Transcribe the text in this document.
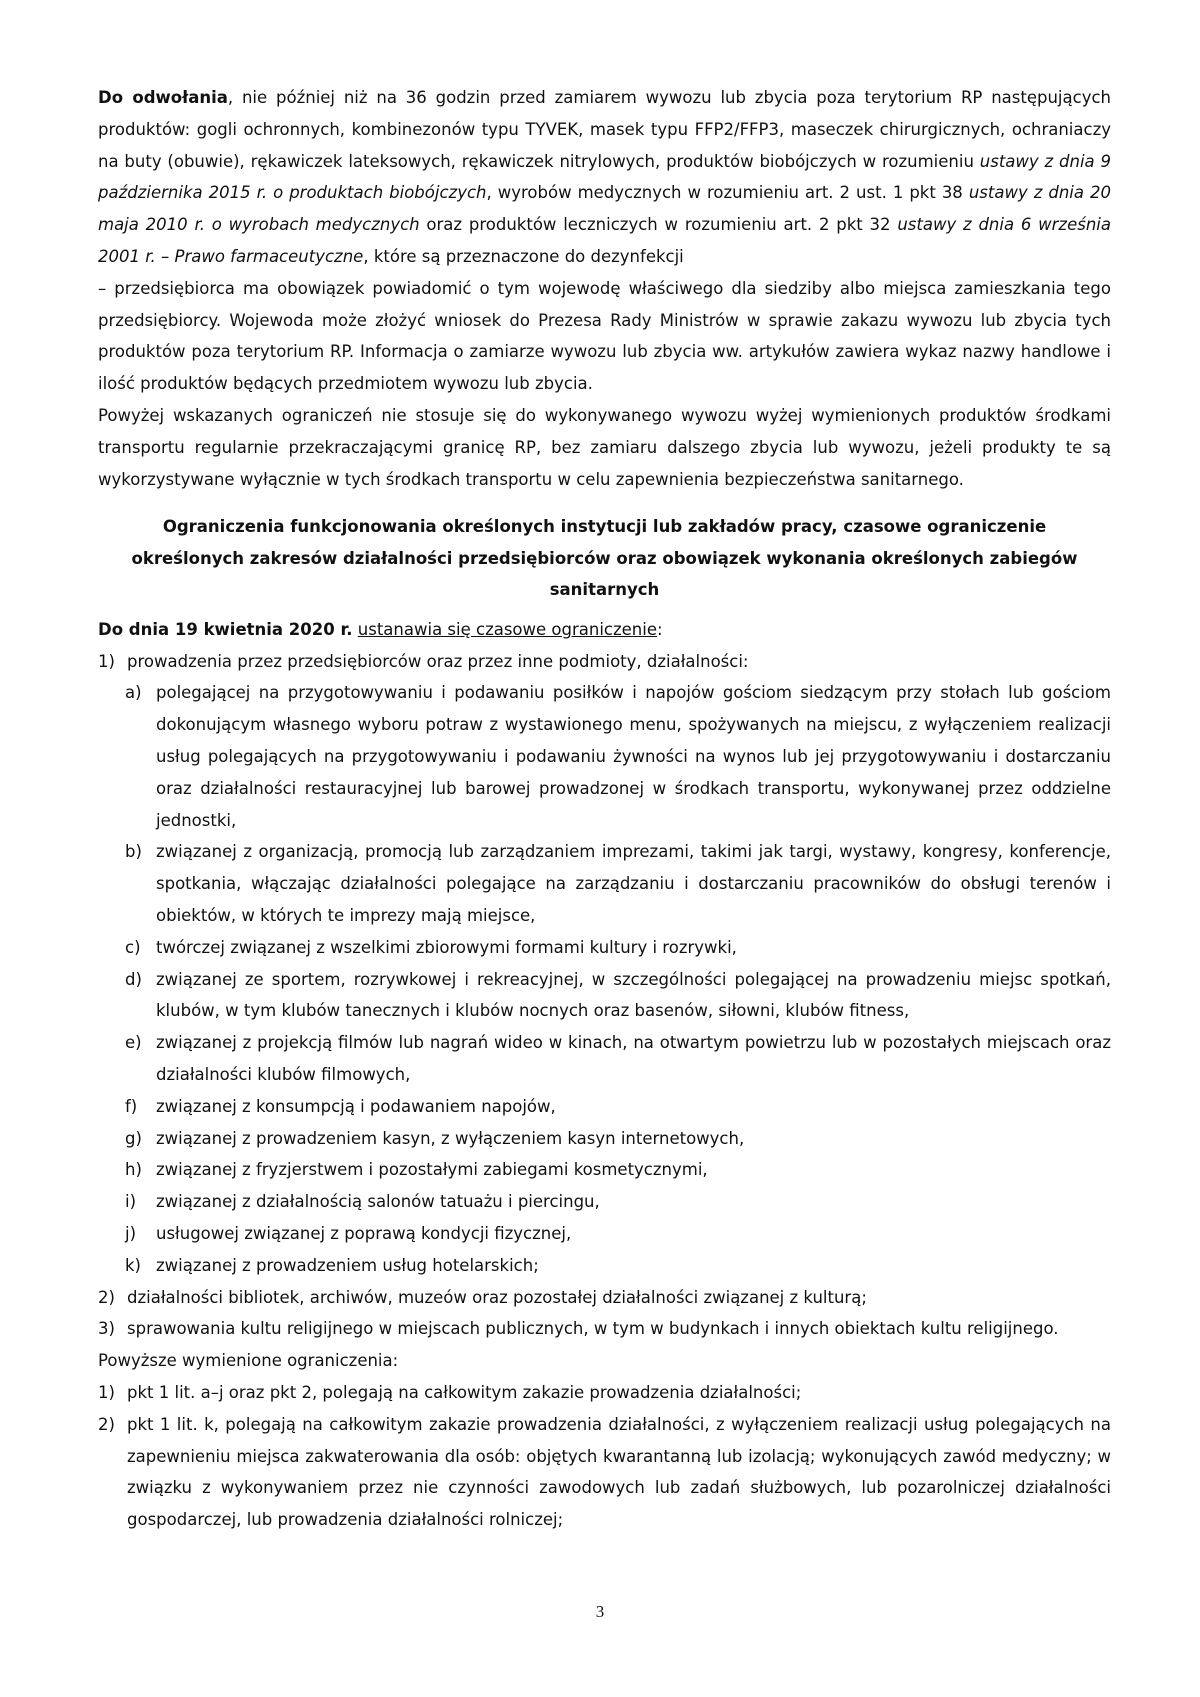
Do odwołania, nie później niż na 36 godzin przed zamiarem wywozu lub zbycia poza terytorium RP następujących produktów: gogli ochronnych, kombinezonów typu TYVEK, masek typu FFP2/FFP3, maseczek chirurgicznych, ochraniaczy na buty (obuwie), rękawiczek lateksowych, rękawiczek nitrylowych, produktów biobójczych w rozumieniu ustawy z dnia 9 października 2015 r. o produktach biobójczych, wyrobów medycznych w rozumieniu art. 2 ust. 1 pkt 38 ustawy z dnia 20 maja 2010 r. o wyrobach medycznych oraz produktów leczniczych w rozumieniu art. 2 pkt 32 ustawy z dnia 6 września 2001 r. – Prawo farmaceutyczne, które są przeznaczone do dezynfekcji

– przedsiębiorca ma obowiązek powiadomić o tym wojewodę właściwego dla siedziby albo miejsca zamieszkania tego przedsiębiorcy. Wojewoda może złożyć wniosek do Prezesa Rady Ministrów w sprawie zakazu wywozu lub zbycia tych produktów poza terytorium RP. Informacja o zamiarze wywozu lub zbycia ww. artykułów zawiera wykaz nazwy handlowe i ilość produktów będących przedmiotem wywozu lub zbycia.

Powyżej wskazanych ograniczeń nie stosuje się do wykonywanego wywozu wyżej wymienionych produktów środkami transportu regularnie przekraczającymi granicę RP, bez zamiaru dalszego zbycia lub wywozu, jeżeli produkty te są wykorzystywane wyłącznie w tych środkach transportu w celu zapewnienia bezpieczeństwa sanitarnego.

Ograniczenia funkcjonowania określonych instytucji lub zakładów pracy, czasowe ograniczenie określonych zakresów działalności przedsiębiorców oraz obowiązek wykonania określonych zabiegów sanitarnych

Do dnia 19 kwietnia 2020 r. ustanawia się czasowe ograniczenie:

1) prowadzenia przez przedsiębiorców oraz przez inne podmioty, działalności:
a) polegającej na przygotowywaniu i podawaniu posiłków i napojów gościom siedzącym przy stołach lub gościom dokonującym własnego wyboru potraw z wystawionego menu, spożywanych na miejscu, z wyłączeniem realizacji usług polegających na przygotowywaniu i podawaniu żywności na wynos lub jej przygotowywaniu i dostarczaniu oraz działalności restauracyjnej lub barowej prowadzonej w środkach transportu, wykonywanej przez oddzielne jednostki,
b) związanej z organizacją, promocją lub zarządzaniem imprezami, takimi jak targi, wystawy, kongresy, konferencje, spotkania, włączając działalności polegające na zarządzaniu i dostarczaniu pracowników do obsługi terenów i obiektów, w których te imprezy mają miejsce,
c) twórczej związanej z wszelkimi zbiorowymi formami kultury i rozrywki,
d) związanej ze sportem, rozrywkowej i rekreacyjnej, w szczególności polegającej na prowadzeniu miejsc spotkań, klubów, w tym klubów tanecznych i klubów nocnych oraz basenów, siłowni, klubów fitness,
e) związanej z projekcją filmów lub nagrań wideo w kinach, na otwartym powietrzu lub w pozostałych miejscach oraz działalności klubów filmowych,
f) związanej z konsumpcją i podawaniem napojów,
g) związanej z prowadzeniem kasyn, z wyłączeniem kasyn internetowych,
h) związanej z fryzjerstwem i pozostałymi zabiegami kosmetycznymi,
i) związanej z działalnością salonów tatuażu i piercingu,
j) usługowej związanej z poprawą kondycji fizycznej,
k) związanej z prowadzeniem usług hotelarskich;
2) działalności bibliotek, archiwów, muzeów oraz pozostałej działalności związanej z kulturą;
3) sprawowania kultu religijnego w miejscach publicznych, w tym w budynkach i innych obiektach kultu religijnego.

Powyższe wymienione ograniczenia:

1) pkt 1 lit. a–j oraz pkt 2, polegają na całkowitym zakazie prowadzenia działalności;
2) pkt 1 lit. k, polegają na całkowitym zakazie prowadzenia działalności, z wyłączeniem realizacji usług polegających na zapewnieniu miejsca zakwaterowania dla osób: objętych kwarantanną lub izolacją; wykonujących zawód medyczny; w związku z wykonywaniem przez nie czynności zawodowych lub zadań służbowych, lub pozarolniczej działalności gospodarczej, lub prowadzenia działalności rolniczej;
3
